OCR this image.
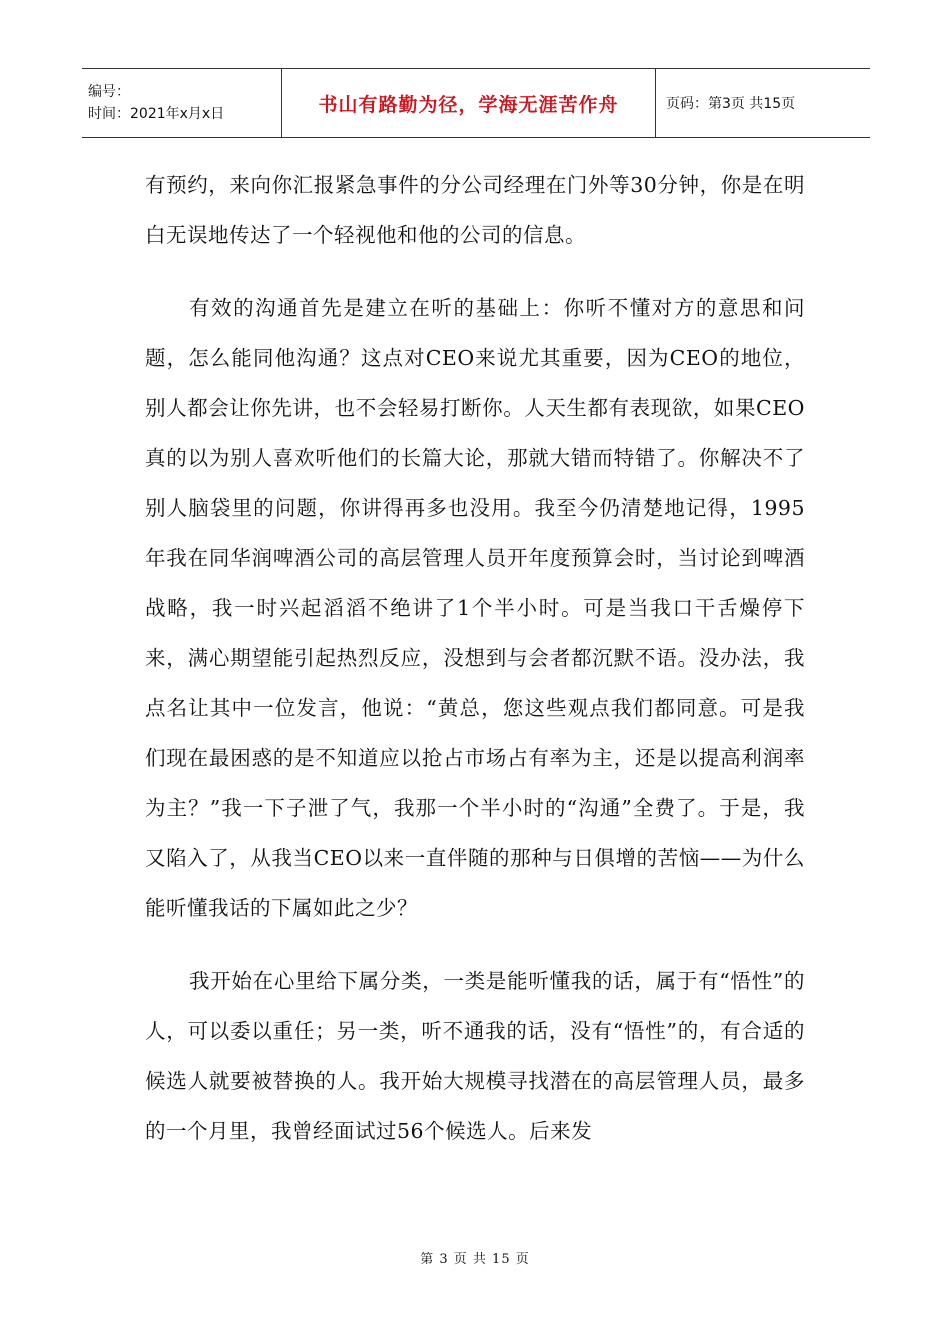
编号：
时间：2021年x月x日	书山有路勤为径，学海无涯苦作舟	页码：第3页 共15页

有预约，来向你汇报紧急事件的分公司经理在门外等30分钟，你是在明白无误地传达了一个轻视他和他的公司的信息。

有效的沟通首先是建立在听的基础上：你听不懂对方的意思和问题，怎么能同他沟通？这点对CEO来说尤其重要，因为CEO的地位，别人都会让你先讲，也不会轻易打断你。人天生都有表现欲，如果CEO真的以为别人喜欢听他们的长篇大论，那就大错而特错了。你解决不了别人脑袋里的问题，你讲得再多也没用。我至今仍清楚地记得，1995年我在同华润啤酒公司的高层管理人员开年度预算会时，当讨论到啤酒战略，我一时兴起滔滔不绝讲了1个半小时。可是当我口干舌燥停下来，满心期望能引起热烈反应，没想到与会者都沉默不语。没办法，我点名让其中一位发言，他说：“黄总，您这些观点我们都同意。可是我们现在最困惑的是不知道应以抢占市场占有率为主，还是以提高利润率为主？”我一下子泄了气，我那一个半小时的“沟通”全费了。于是，我又陷入了，从我当CEO以来一直伴随的那种与日俱增的苦恼——为什么能听懂我话的下属如此之少？

我开始在心里给下属分类，一类是能听懂我的话，属于有“悟性”的人，可以委以重任；另一类，听不通我的话，没有“悟性”的，有合适的候选人就要被替换的人。我开始大规模寻找潜在的高层管理人员，最多的一个月里，我曾经面试过56个候选人。后来发

第 3 页 共 15 页
